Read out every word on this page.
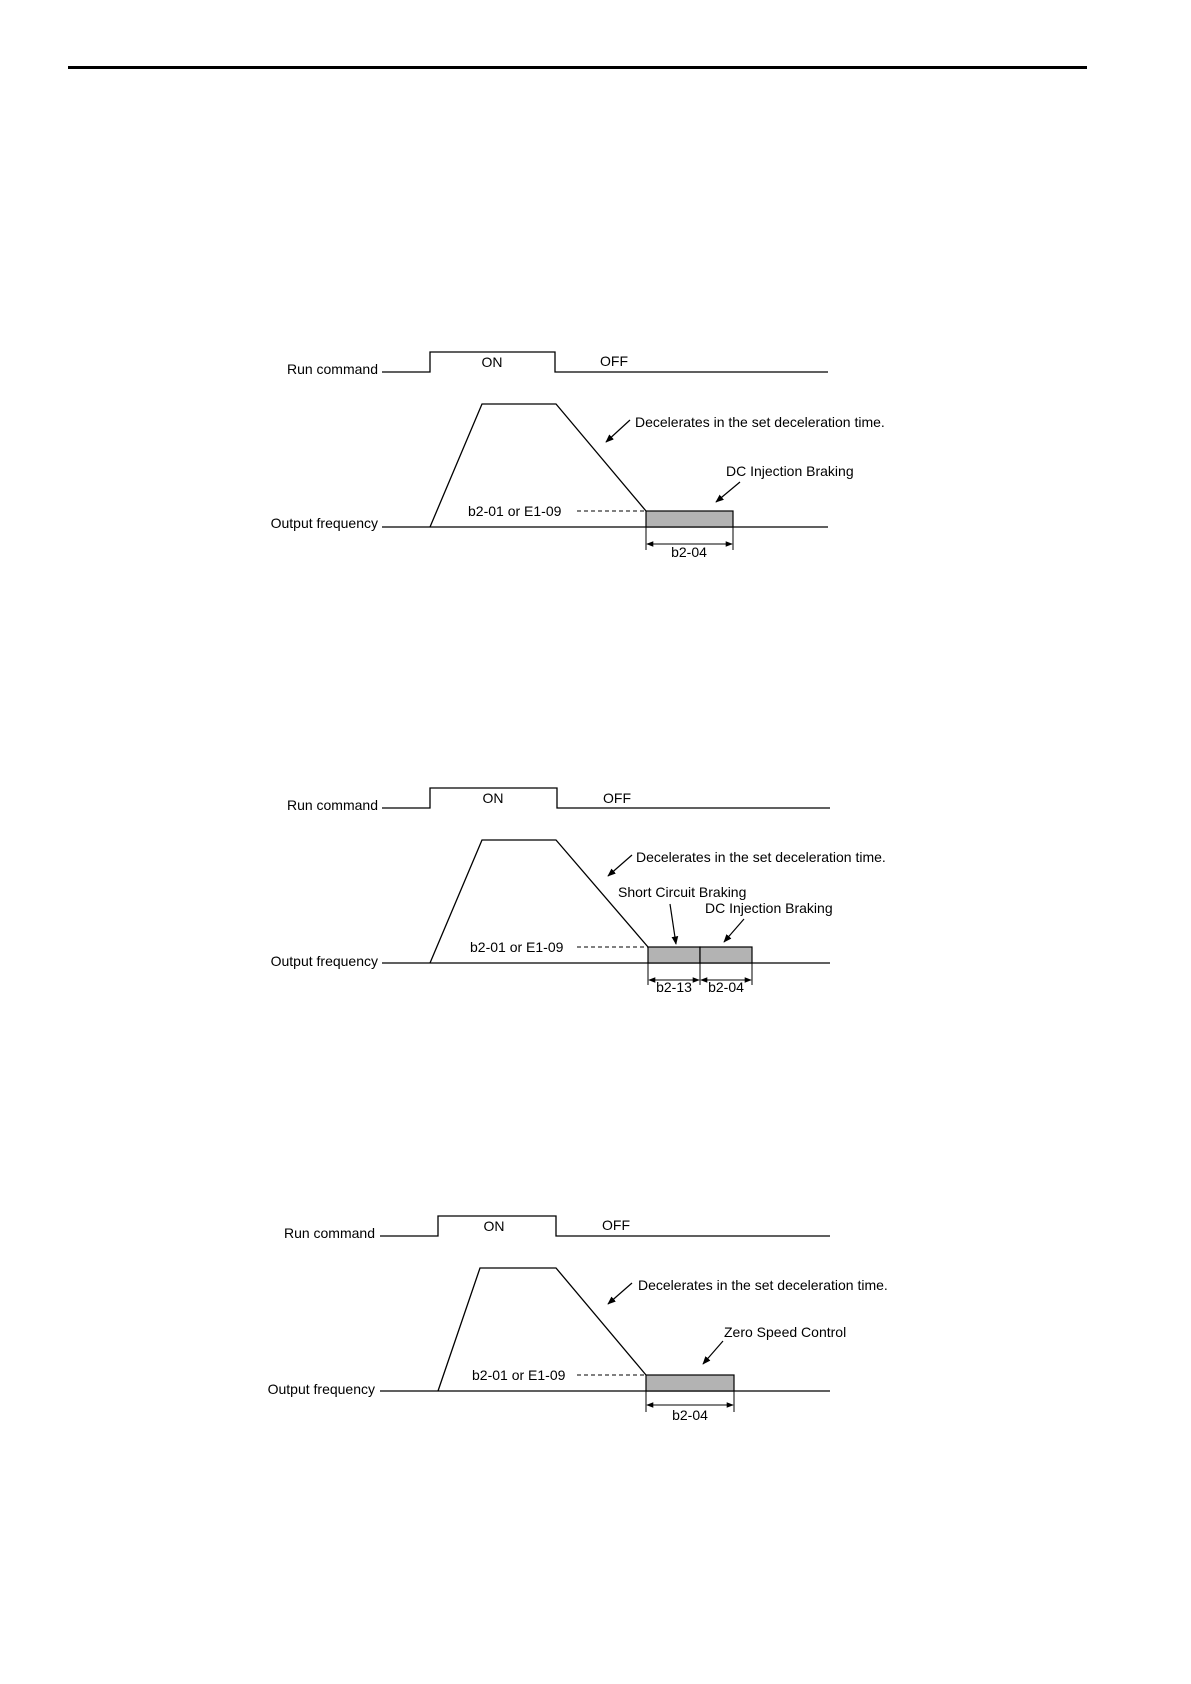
Run command	ON	OFF
Output frequency
Decelerates in the set deceleration time.
b2-01 or E1-09
DC Injection Braking
b2-04
Run command	ON	OFF
Output frequency
Decelerates in the set deceleration time.
b2-01 or E1-09
Short Circuit Braking
DC Injection Braking
b2-13 b2-04
Run command	ON	OFF
Output frequency
Decelerates in the set deceleration time.
b2-01 or E1-09
Zero Speed Control
b2-04
